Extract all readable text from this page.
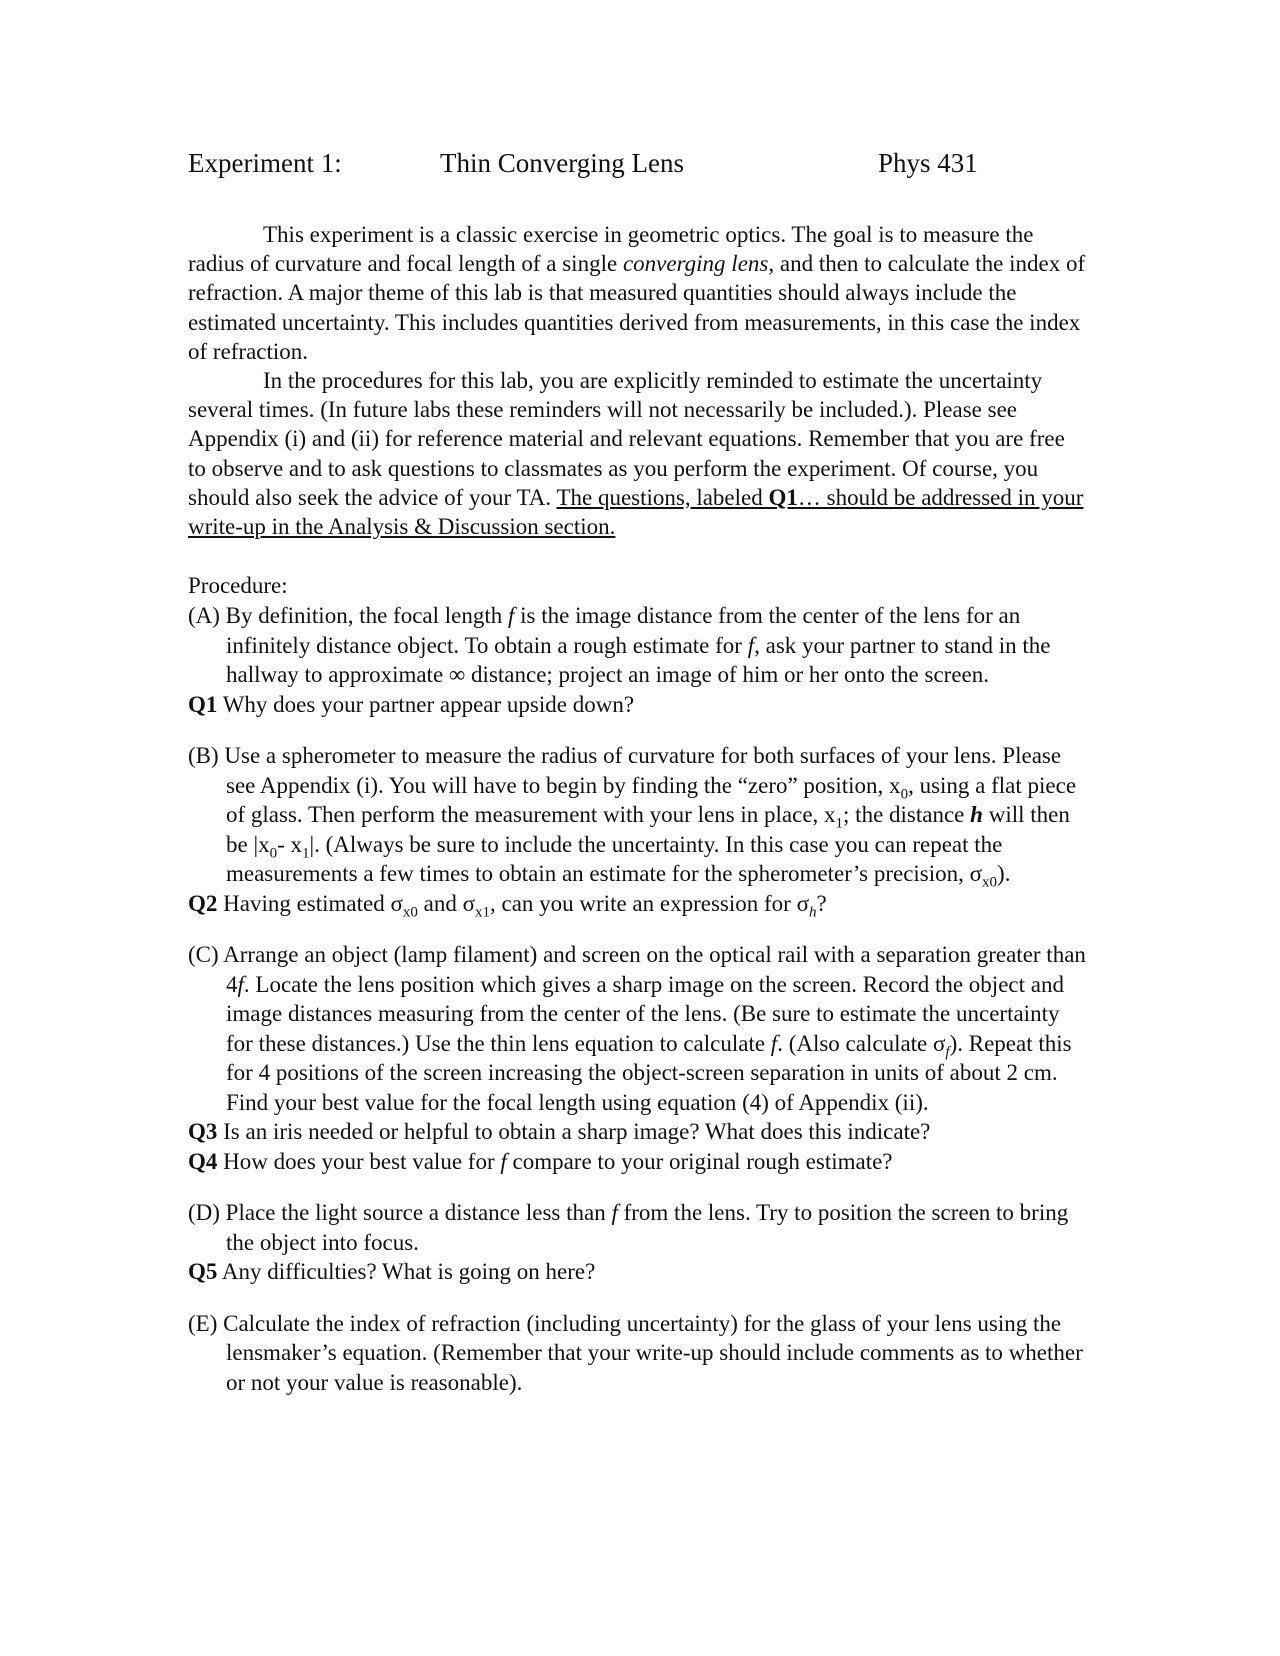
Experiment 1:	Thin Converging Lens	Phys 431

This experiment is a classic exercise in geometric optics. The goal is to measure the radius of curvature and focal length of a single converging lens, and then to calculate the index of refraction. A major theme of this lab is that measured quantities should always include the estimated uncertainty. This includes quantities derived from measurements, in this case the index of refraction.

In the procedures for this lab, you are explicitly reminded to estimate the uncertainty several times. (In future labs these reminders will not necessarily be included.). Please see Appendix (i) and (ii) for reference material and relevant equations. Remember that you are free to observe and to ask questions to classmates as you perform the experiment. Of course, you should also seek the advice of your TA. The questions, labeled Q1… should be addressed in your write-up in the Analysis & Discussion section.

Procedure:
(A) By definition, the focal length f is the image distance from the center of the lens for an infinitely distance object. To obtain a rough estimate for f, ask your partner to stand in the hallway to approximate ∞ distance; project an image of him or her onto the screen.
Q1 Why does your partner appear upside down?
(B) Use a spherometer to measure the radius of curvature for both surfaces of your lens. Please see Appendix (i). You will have to begin by finding the “zero” position, $x_0$, using a flat piece of glass. Then perform the measurement with your lens in place, $x_1$; the distance h will then be $|x_0-$ $x_1|$. (Always be sure to include the uncertainty. In this case you can repeat the measurements a few times to obtain an estimate for the spherometer’s precision, $\sigma_{x0}$).
Q2 Having estimated $\sigma_{x0}$ and $\sigma_{x1}$, can you write an expression for $\sigma_h$?
(C) Arrange an object (lamp filament) and screen on the optical rail with a separation greater than 4f. Locate the lens position which gives a sharp image on the screen. Record the object and image distances measuring from the center of the lens. (Be sure to estimate the uncertainty for these distances.) Use the thin lens equation to calculate f. (Also calculate $\sigma_f$). Repeat this for 4 positions of the screen increasing the object-screen separation in units of about 2 cm. Find your best value for the focal length using equation (4) of Appendix (ii).
Q3 Is an iris needed or helpful to obtain a sharp image? What does this indicate?
Q4 How does your best value for f compare to your original rough estimate?
(D) Place the light source a distance less than f from the lens. Try to position the screen to bring the object into focus.
Q5 Any difficulties? What is going on here?
(E) Calculate the index of refraction (including uncertainty) for the glass of your lens using the lensmaker’s equation. (Remember that your write-up should include comments as to whether or not your value is reasonable).
